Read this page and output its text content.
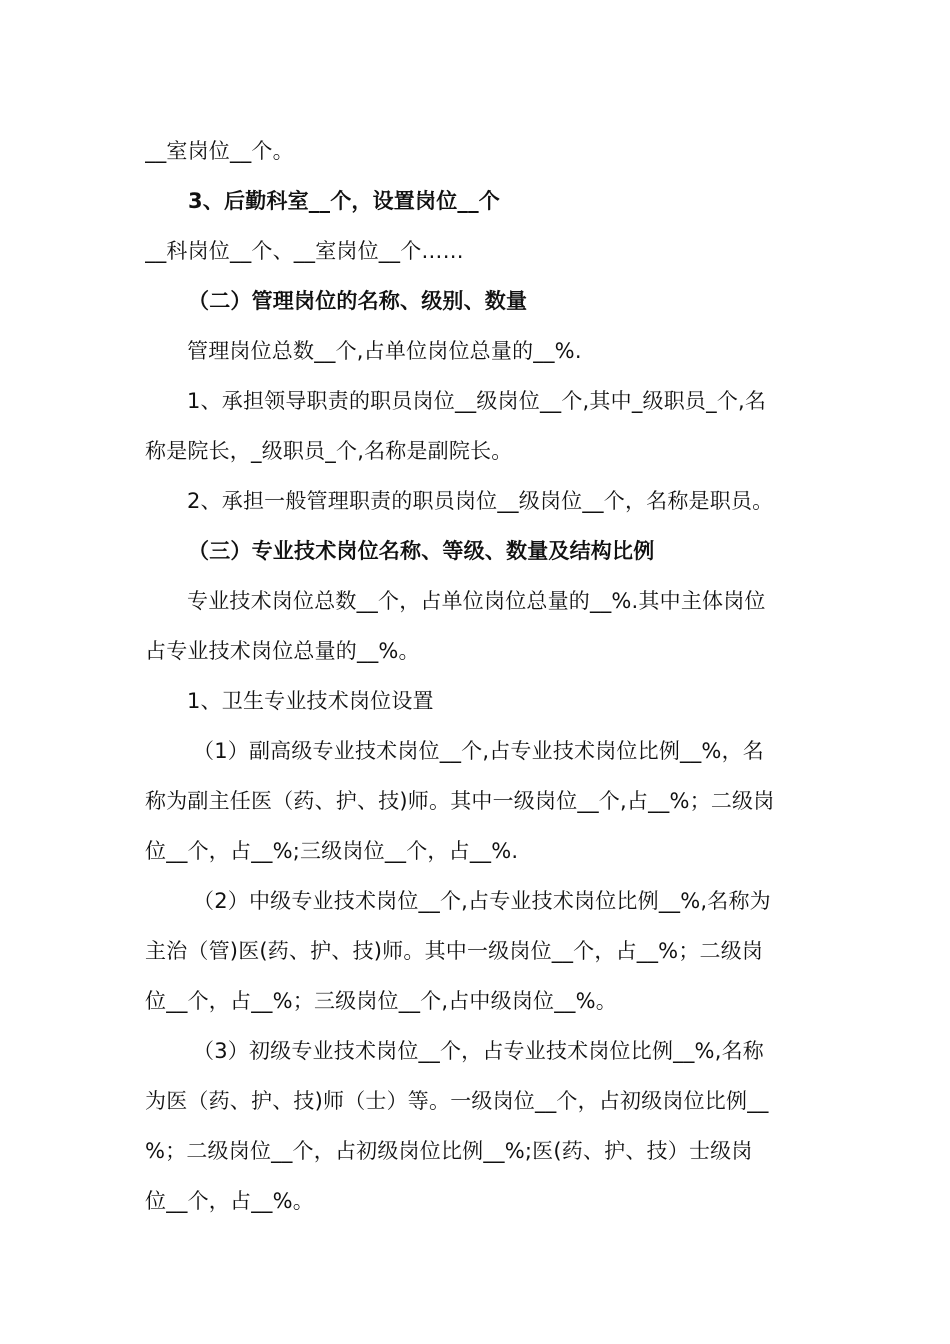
__室岗位__个。
3、后勤科室__个，设置岗位__个
__科岗位__个、__室岗位__个……
（二）管理岗位的名称、级别、数量
管理岗位总数__个,占单位岗位总量的__%.
1、承担领导职责的职员岗位__级岗位__个,其中_级职员_个,名
称是院长，_级职员_个,名称是副院长。
2、承担一般管理职责的职员岗位__级岗位__个，名称是职员。
（三）专业技术岗位名称、等级、数量及结构比例
专业技术岗位总数__个，占单位岗位总量的__%.其中主体岗位
占专业技术岗位总量的__%。
1、卫生专业技术岗位设置
（1）副高级专业技术岗位__个,占专业技术岗位比例__%，名
称为副主任医（药、护、技)师。其中一级岗位__个,占__%；二级岗
位__个，占__%;三级岗位__个，占__%.
（2）中级专业技术岗位__个,占专业技术岗位比例__%,名称为
主治（管)医(药、护、技)师。其中一级岗位__个，占__%；二级岗
位__个，占__%；三级岗位__个,占中级岗位__%。
（3）初级专业技术岗位__个，占专业技术岗位比例__%,名称
为医（药、护、技)师（士）等。一级岗位__个，占初级岗位比例__
%；二级岗位__个，占初级岗位比例__%;医(药、护、技）士级岗
位__个，占__%。
